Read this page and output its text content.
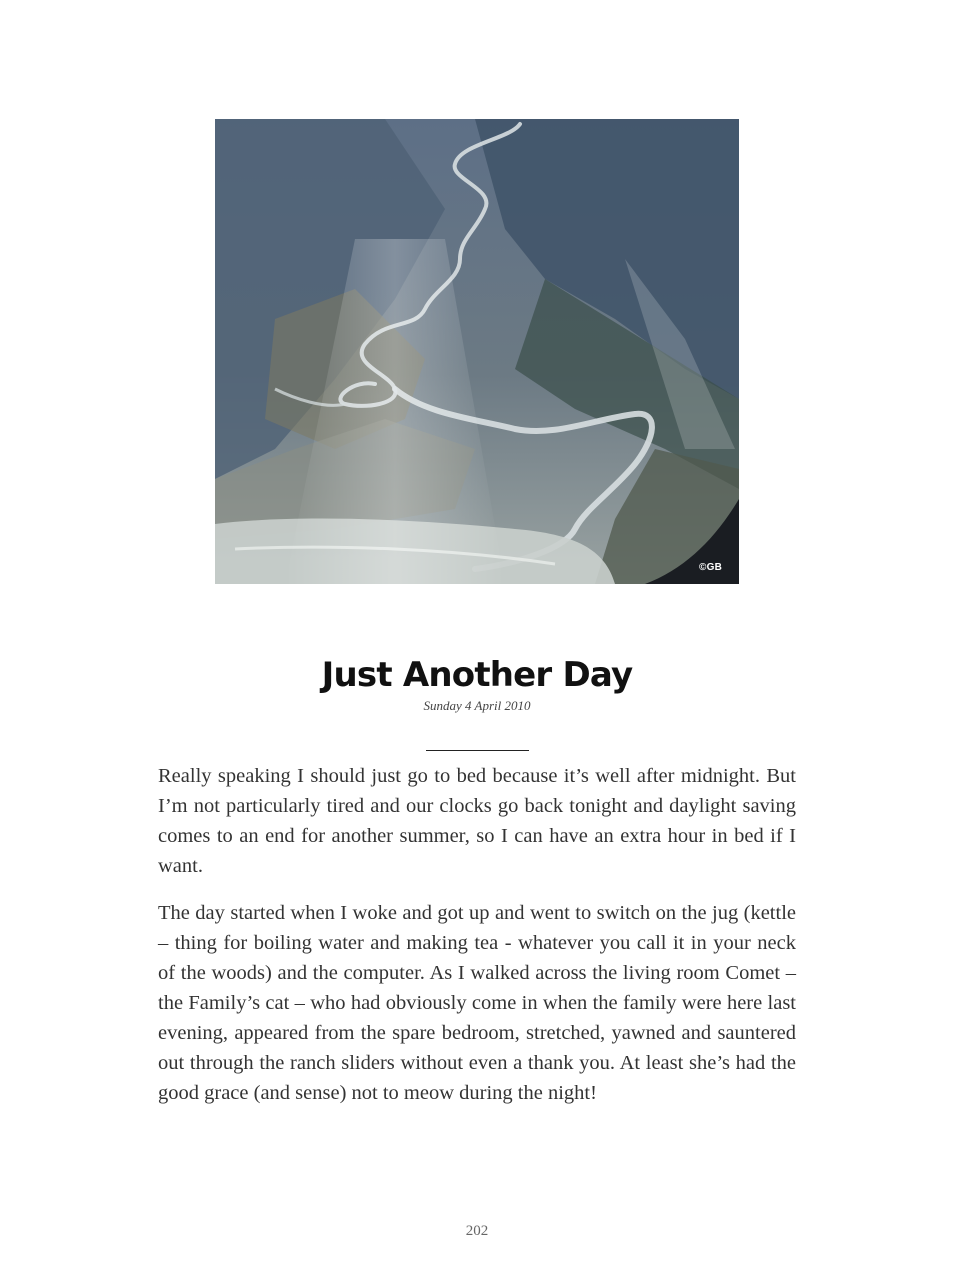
©GB
Just Another Day

Sunday 4 April 2010

Really speaking I should just go to bed because it’s well after midnight. But I’m not particularly tired and our clocks go back tonight and daylight saving comes to an end for another summer, so I can have an extra hour in bed if I want.

The day started when I woke and got up and went to switch on the jug (kettle – thing for boiling water and making tea - whatever you call it in your neck of the woods) and the computer. As I walked across the living room Comet – the Family’s cat – who had obviously come in when the family were here last evening, appeared from the spare bedroom, stretched, yawned and sauntered out through the ranch sliders without even a thank you. At least she’s had the good grace (and sense) not to meow during the night!

202
